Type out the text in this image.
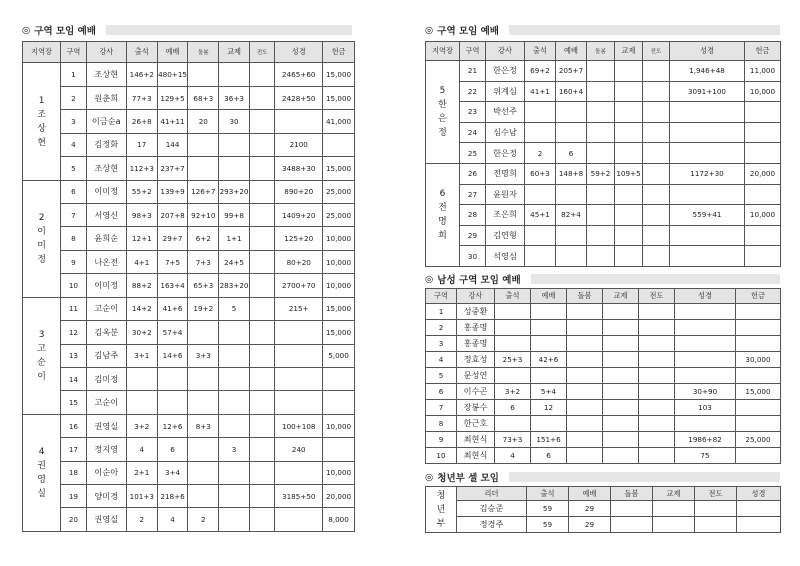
◎ 구역 모임 예배
지역장	구역	강사	출석	예배	돌봄	교제	전도	성경	헌금

1
조
상
현	1	조상현	146+2	480+15				2465+60	15,000
	2	원춘희	77+3	129+5	68+3	36+3		2428+50	15,000
	3	이금순a	26+8	41+11	20	30			41,000
	4	김정화	17	144				2100	
	5	조상현	112+3	237+7				3488+30	15,000

2
이
미
정	6	이미정	55+2	139+9	126+7	293+20		890+20	25,000
	7	서영신	98+3	207+8	92+10	99+8		1409+20	25,000
	8	윤희순	12+1	29+7	6+2	1+1		125+20	10,000
	9	나온전	4+1	7+5	7+3	24+5		80+20	10,000
	10	이미정	88+2	163+4	65+3	283+20		2700+70	10,000

3
고
순
이	11	고순이	14+2	41+6	19+2	5		215+	15,000
	12	김옥분	30+2	57+4					15,000
	13	김남주	3+1	14+6	3+3				5,000
	14	김미정							
	15	고순이							

4
권
영
실	16	권영실	3+2	12+6	8+3			100+108	10,000
	17	정지영	4	6		3		240	
	18	이순아	2+1	3+4					10,000
	19	양미경	101+3	218+6				3185+50	20,000
	20	권영실	2	4	2				8,000
◎ 구역 모임 예배
지역장	구역	강사	출석	예배	돌봄	교제	전도	성경	헌금

5
한
은
정	21	한은정	69+2	205+7				1,946+48	11,000
	22	위계심	41+1	160+4				3091+100	10,000
	23	박선주							
	24	심수남							
	25	한은정	2	6					

6
전
명
희	26	전명희	60+3	148+8	59+2	109+5		1172+30	20,000
	27	윤원자							
	28	조은희	45+1	82+4				559+41	10,000
	29	김연형							
	30	석영심							
◎ 남성 구역 모임 예배
구역	강사	출석	예배	돌봄	교제	전도	성경	헌금
1	성중환							
2	홍종명							
3	홍종명							
4	정효성	25+3	42+6					30,000
5	문성연							
6	이수곤	3+2	5+4				30+90	15,000
7	장봉수	6	12				103	
8	한근호							
9	최현식	73+3	151+6				1986+82	25,000
10	최현식	4	6				75	
◎ 청년부 셀 모임
청
년
부	리더	출석	예배	돌봄	교제	전도	성경
	김승준	59	29				
	정경주	59	29				
